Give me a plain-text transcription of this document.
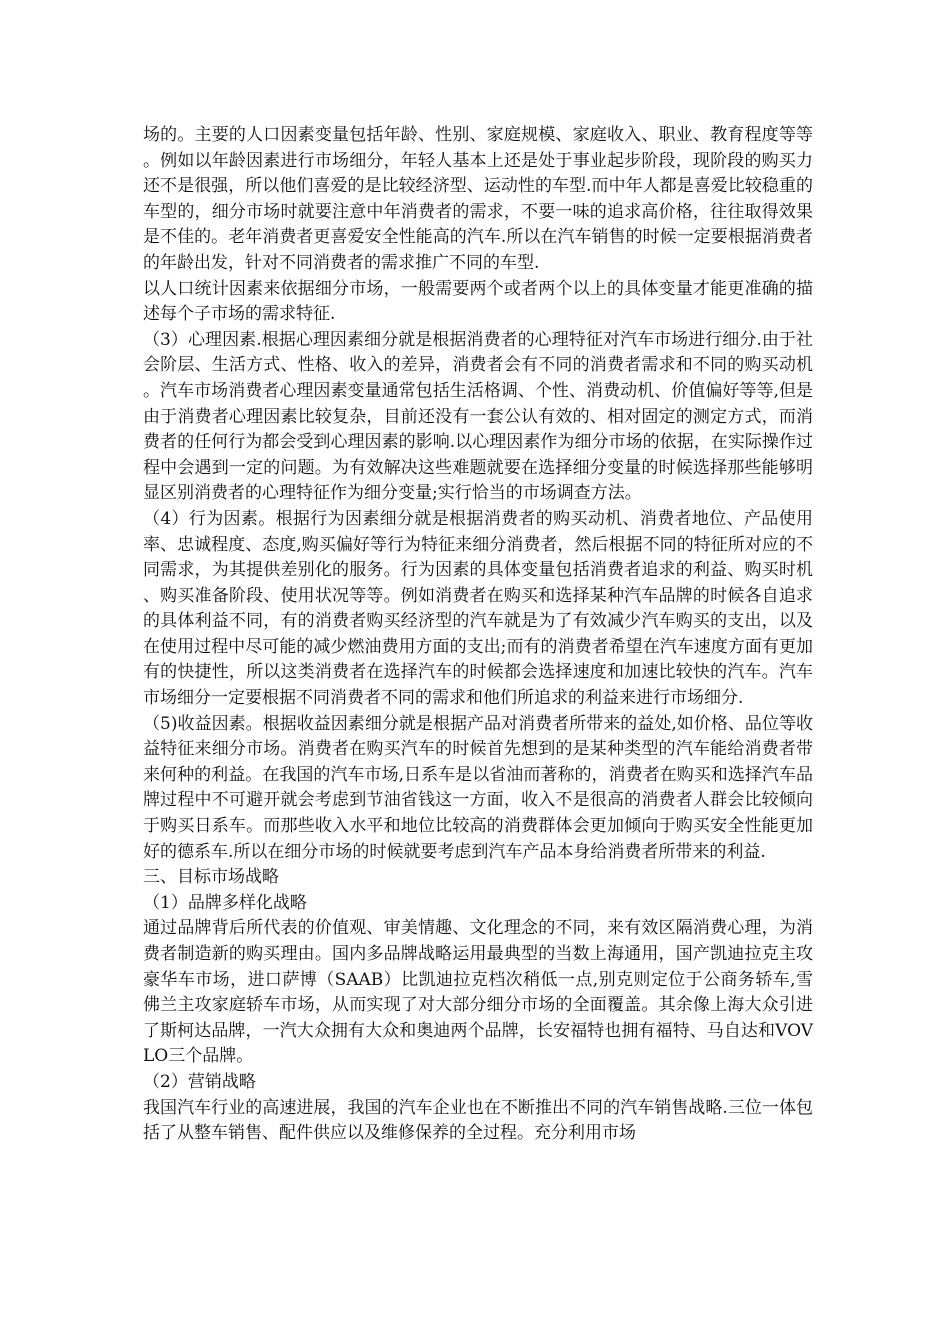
场的。主要的人口因素变量包括年龄、性别、家庭规模、家庭收入、职业、教育程度等等。例如以年龄因素进行市场细分，年轻人基本上还是处于事业起步阶段，现阶段的购买力还不是很强，所以他们喜爱的是比较经济型、运动性的车型.而中年人都是喜爱比较稳重的车型的，细分市场时就要注意中年消费者的需求，不要一味的追求高价格，往往取得效果是不佳的。老年消费者更喜爱安全性能高的汽车.所以在汽车销售的时候一定要根据消费者的年龄出发，针对不同消费者的需求推广不同的车型.

以人口统计因素来依据细分市场，一般需要两个或者两个以上的具体变量才能更准确的描述每个子市场的需求特征.

（3）心理因素.根据心理因素细分就是根据消费者的心理特征对汽车市场进行细分.由于社会阶层、生活方式、性格、收入的差异，消费者会有不同的消费者需求和不同的购买动机。汽车市场消费者心理因素变量通常包括生活格调、个性、消费动机、价值偏好等等,但是由于消费者心理因素比较复杂，目前还没有一套公认有效的、相对固定的测定方式，而消费者的任何行为都会受到心理因素的影响.以心理因素作为细分市场的依据，在实际操作过程中会遇到一定的问题。为有效解决这些难题就要在选择细分变量的时候选择那些能够明显区别消费者的心理特征作为细分变量;实行恰当的市场调查方法。

（4）行为因素。根据行为因素细分就是根据消费者的购买动机、消费者地位、产品使用率、忠诚程度、态度,购买偏好等行为特征来细分消费者，然后根据不同的特征所对应的不同需求，为其提供差别化的服务。行为因素的具体变量包括消费者追求的利益、购买时机、购买准备阶段、使用状况等等。例如消费者在购买和选择某种汽车品牌的时候各自追求的具体利益不同，有的消费者购买经济型的汽车就是为了有效减少汽车购买的支出，以及在使用过程中尽可能的减少燃油费用方面的支出;而有的消费者希望在汽车速度方面有更加有的快捷性，所以这类消费者在选择汽车的时候都会选择速度和加速比较快的汽车。汽车市场细分一定要根据不同消费者不同的需求和他们所追求的利益来进行市场细分.

（5)收益因素。根据收益因素细分就是根据产品对消费者所带来的益处,如价格、品位等收益特征来细分市场。消费者在购买汽车的时候首先想到的是某种类型的汽车能给消费者带来何种的利益。在我国的汽车市场,日系车是以省油而著称的，消费者在购买和选择汽车品牌过程中不可避开就会考虑到节油省钱这一方面，收入不是很高的消费者人群会比较倾向于购买日系车。而那些收入水平和地位比较高的消费群体会更加倾向于购买安全性能更加好的德系车.所以在细分市场的时候就要考虑到汽车产品本身给消费者所带来的利益.

三、目标市场战略

（1）品牌多样化战略

通过品牌背后所代表的价值观、审美情趣、文化理念的不同，来有效区隔消费心理，为消费者制造新的购买理由。国内多品牌战略运用最典型的当数上海通用，国产凯迪拉克主攻豪华车市场，进口萨博（SAAB）比凯迪拉克档次稍低一点,别克则定位于公商务轿车,雪佛兰主攻家庭轿车市场，从而实现了对大部分细分市场的全面覆盖。其余像上海大众引进了斯柯达品牌，一汽大众拥有大众和奥迪两个品牌，长安福特也拥有福特、马自达和VOVLO三个品牌。

（2）营销战略

我国汽车行业的高速进展，我国的汽车企业也在不断推出不同的汽车销售战略.三位一体包括了从整车销售、配件供应以及维修保养的全过程。充分利用市场
